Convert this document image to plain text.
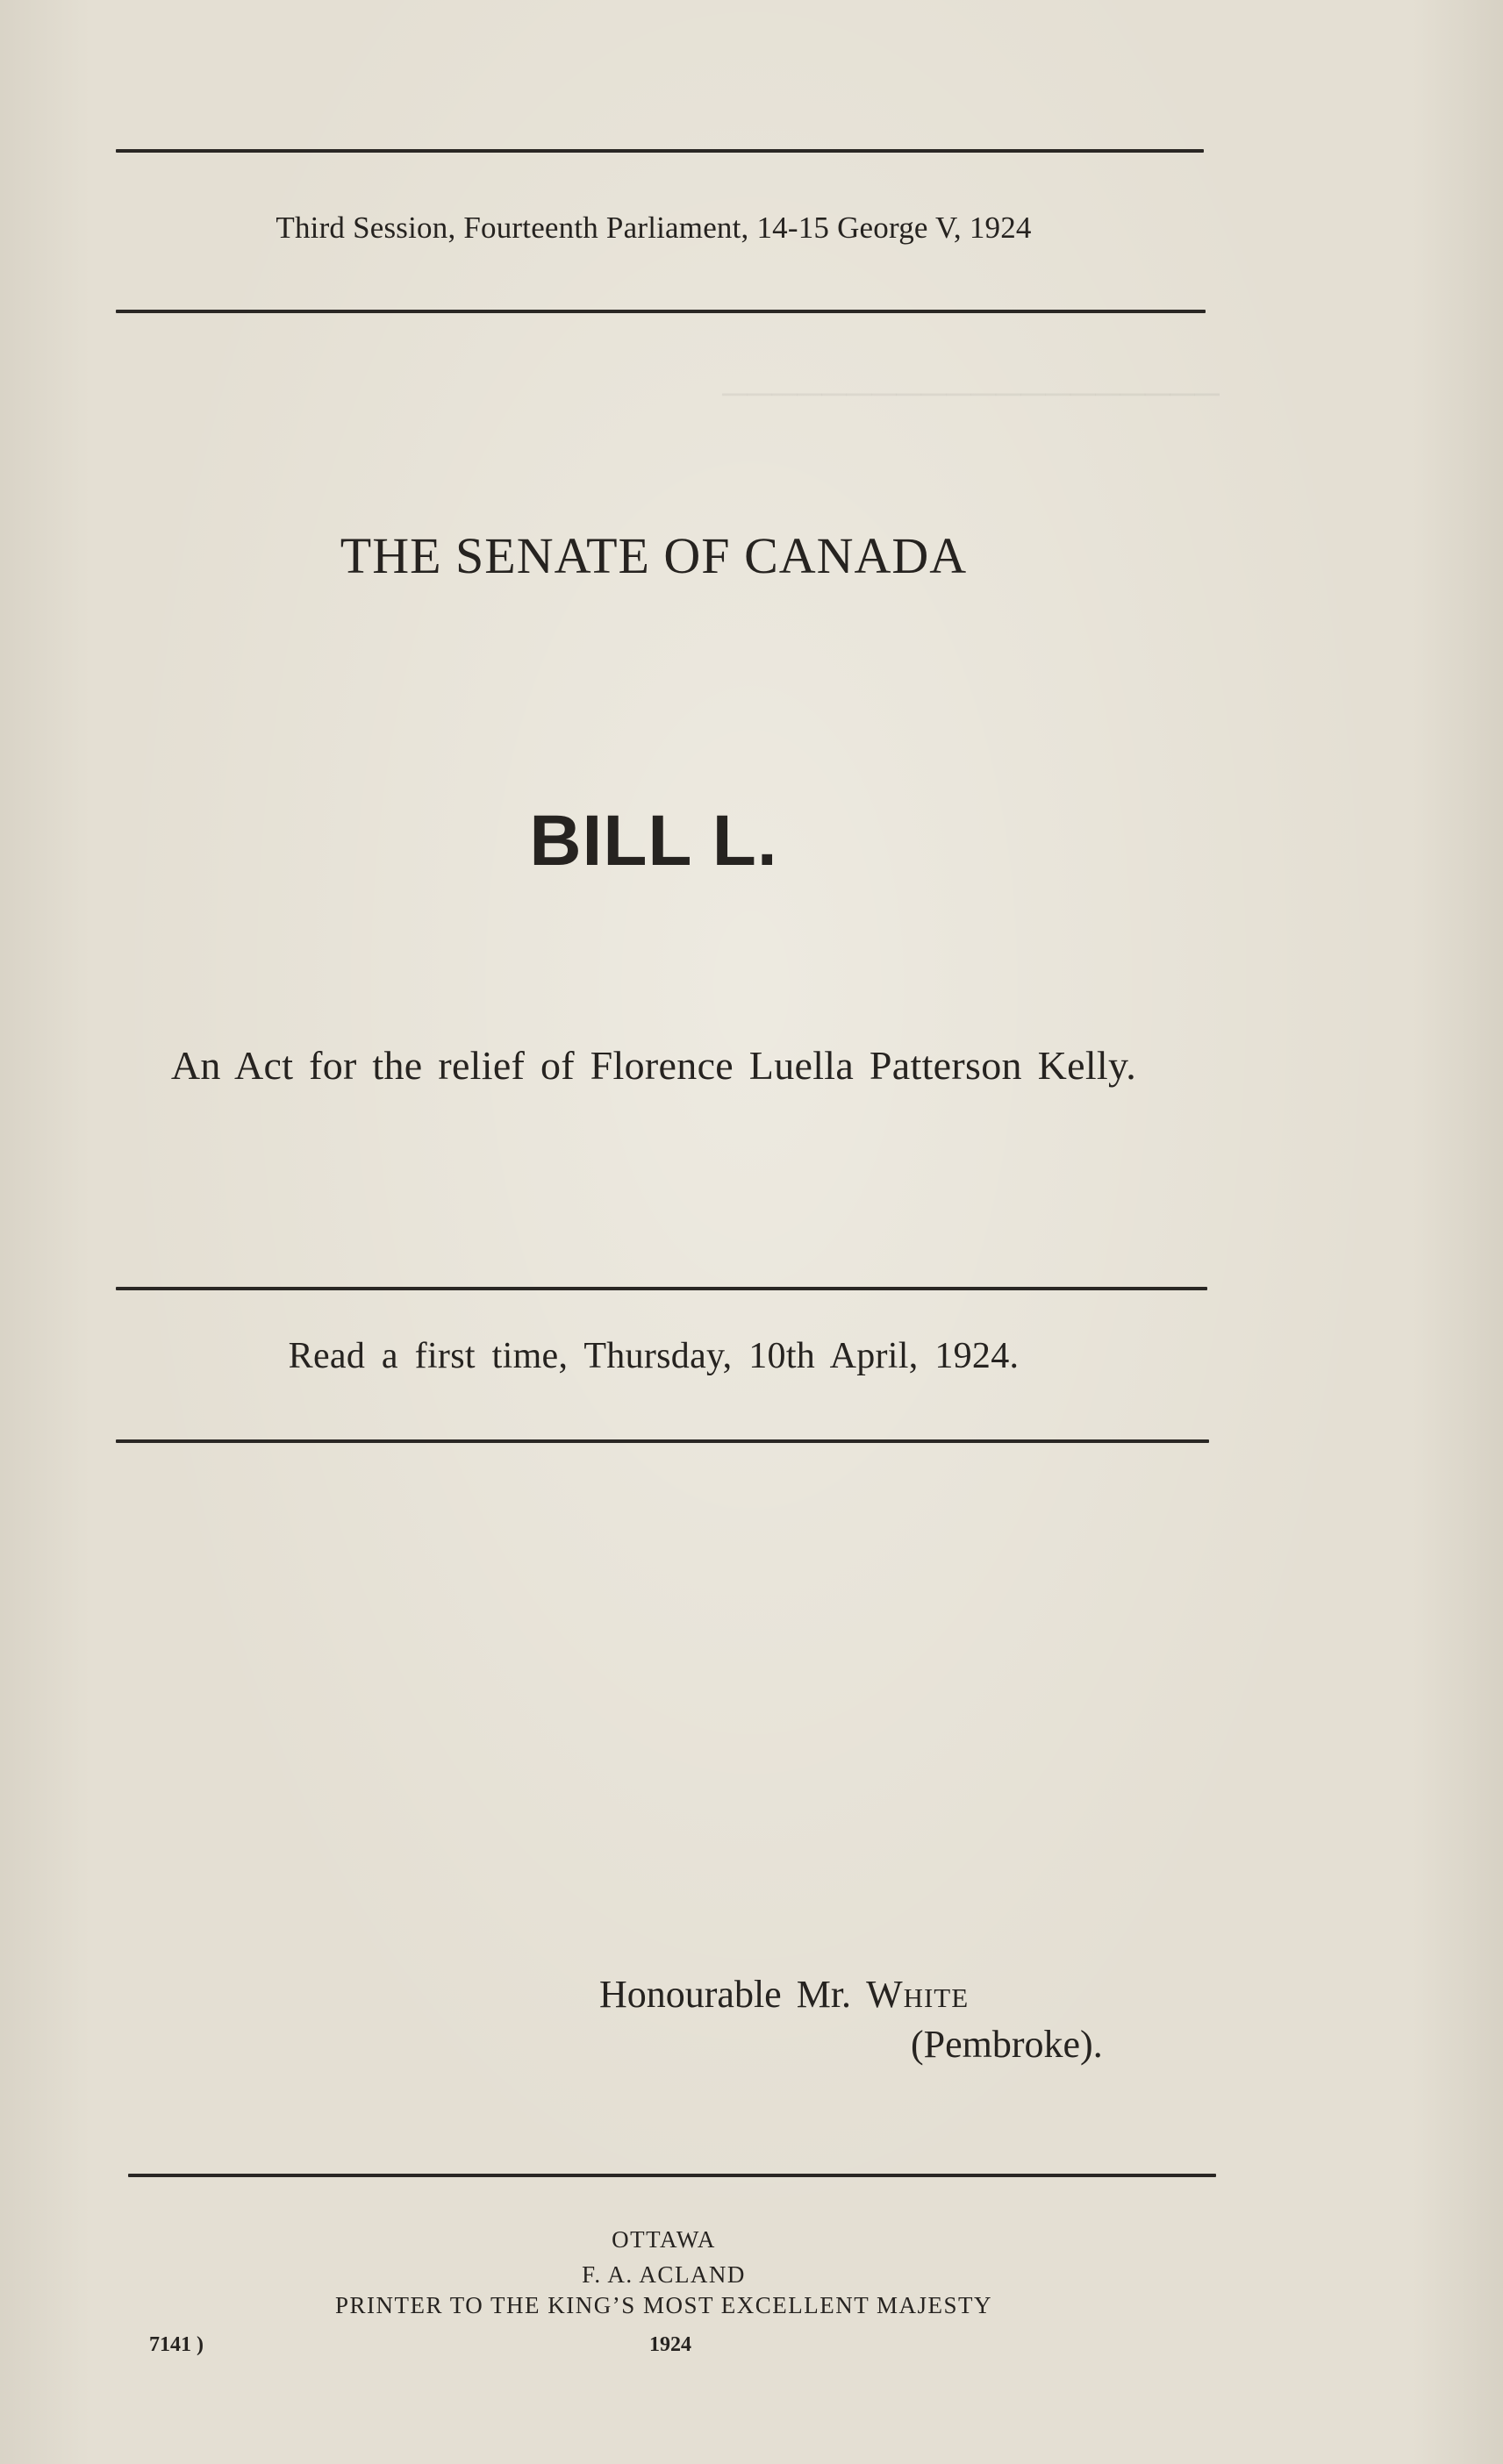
────────────────────
Third Session, Fourteenth Parliament, 14-15 George V, 1924
THE SENATE OF CANADA
BILL L.
An Act for the relief of Florence Luella Patterson Kelly.
Read a first time, Thursday, 10th April, 1924.
Honourable Mr. White
(Pembroke).
OTTAWA
F. A. ACLAND
PRINTER TO THE KING’S MOST EXCELLENT MAJESTY
7141 )	1924
